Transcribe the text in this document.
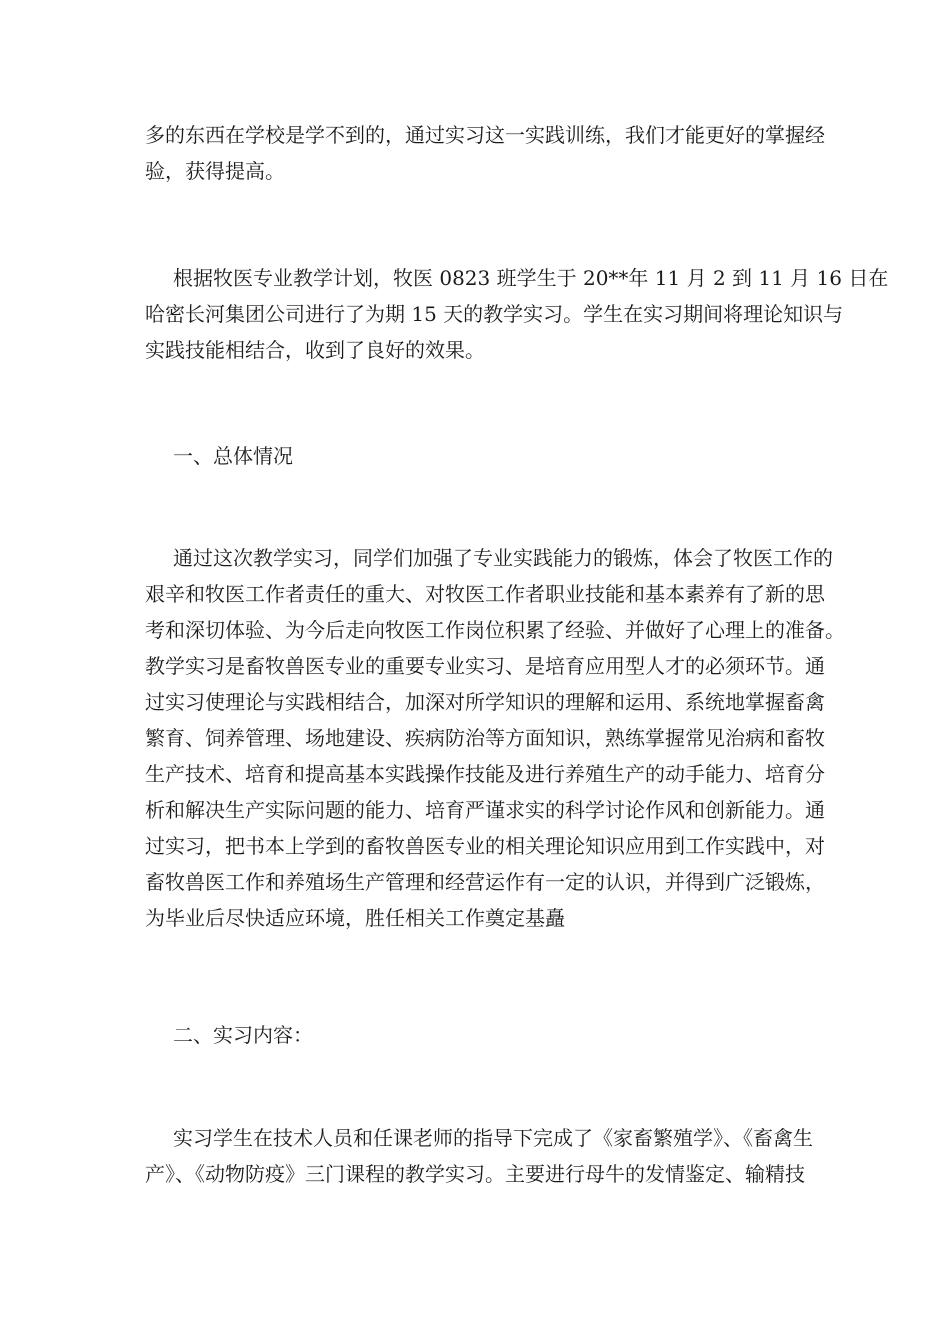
多的东西在学校是学不到的，通过实习这一实践训练，我们才能更好的掌握经
验，获得提高。

根据牧医专业教学计划，牧医 0823 班学生于 20**年 11 月 2 到 11 月 16 日在
哈密长河集团公司进行了为期 15 天的教学实习。学生在实习期间将理论知识与
实践技能相结合，收到了良好的效果。

一、总体情况

通过这次教学实习，同学们加强了专业实践能力的锻炼，体会了牧医工作的
艰辛和牧医工作者责任的重大、对牧医工作者职业技能和基本素养有了新的思
考和深切体验、为今后走向牧医工作岗位积累了经验、并做好了心理上的准备。
教学实习是畜牧兽医专业的重要专业实习、是培育应用型人才的必须环节。通
过实习使理论与实践相结合，加深对所学知识的理解和运用、系统地掌握畜禽
繁育、饲养管理、场地建设、疾病防治等方面知识，熟练掌握常见治病和畜牧
生产技术、培育和提高基本实践操作技能及进行养殖生产的动手能力、培育分
析和解决生产实际问题的能力、培育严谨求实的科学讨论作风和创新能力。通
过实习，把书本上学到的畜牧兽医专业的相关理论知识应用到工作实践中，对
畜牧兽医工作和养殖场生产管理和经营运作有一定的认识，并得到广泛锻炼，
为毕业后尽快适应环境，胜任相关工作奠定基矗

二、实习内容：

实习学生在技术人员和任课老师的指导下完成了《家畜繁殖学》、《畜禽生
产》、《动物防疫》三门课程的教学实习。主要进行母牛的发情鉴定、输精技
